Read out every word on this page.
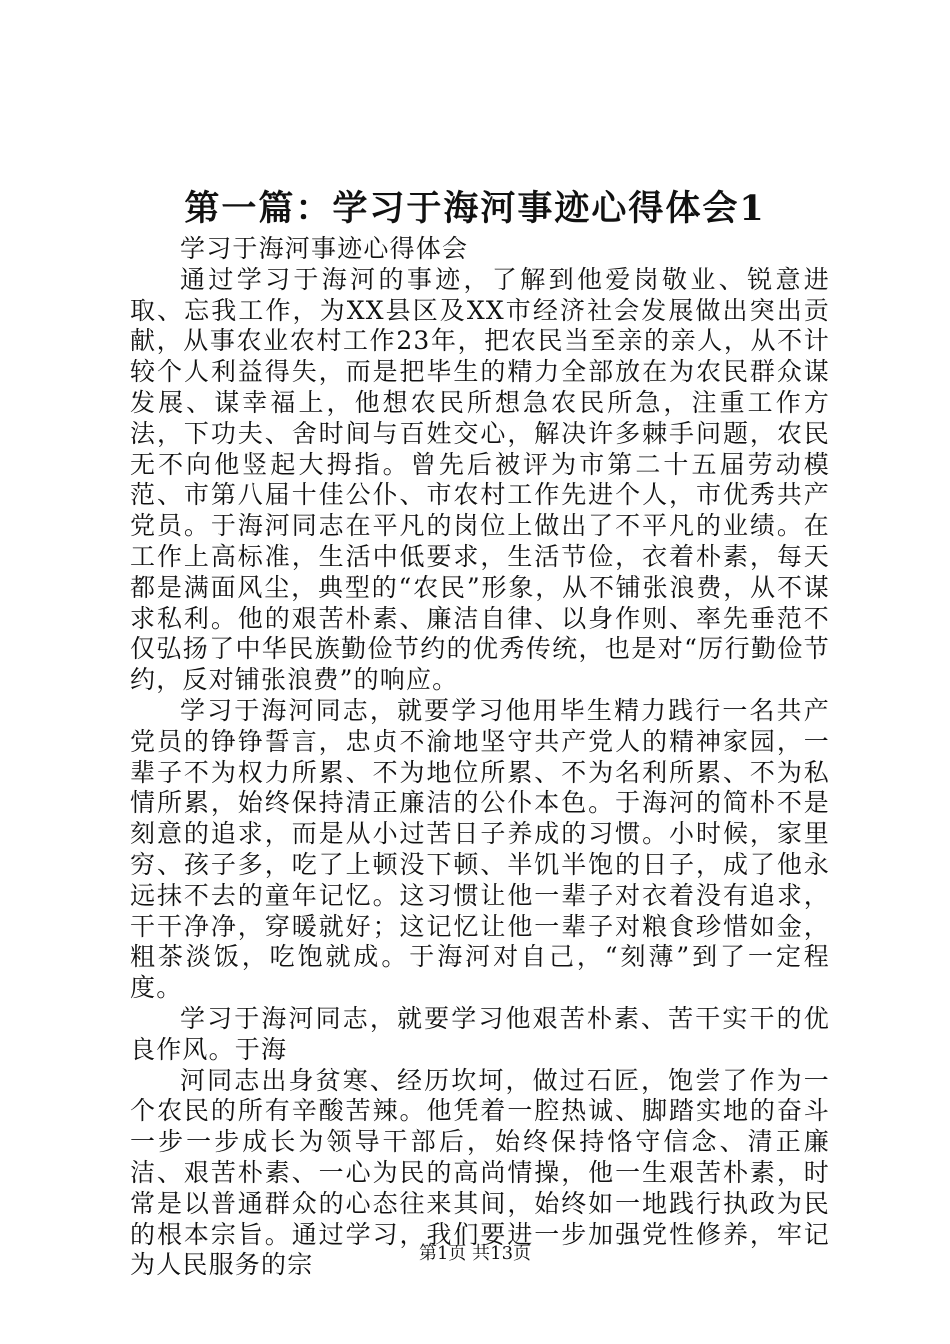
第一篇：学习于海河事迹心得体会1

学习于海河事迹心得体会

通过学习于海河的事迹，了解到他爱岗敬业、锐意进取、忘我工作，为XX县区及XX市经济社会发展做出突出贡献，从事农业农村工作23年，把农民当至亲的亲人，从不计较个人利益得失，而是把毕生的精力全部放在为农民群众谋发展、谋幸福上，他想农民所想急农民所急，注重工作方法，下功夫、舍时间与百姓交心，解决许多棘手问题，农民无不向他竖起大拇指。曾先后被评为市第二十五届劳动模范、市第八届十佳公仆、市农村工作先进个人，市优秀共产党员。于海河同志在平凡的岗位上做出了不平凡的业绩。在工作上高标准，生活中低要求，生活节俭，衣着朴素，每天都是满面风尘，典型的“农民”形象，从不铺张浪费，从不谋求私利。他的艰苦朴素、廉洁自律、以身作则、率先垂范不仅弘扬了中华民族勤俭节约的优秀传统，也是对“厉行勤俭节约，反对铺张浪费”的响应。

学习于海河同志，就要学习他用毕生精力践行一名共产党员的铮铮誓言，忠贞不渝地坚守共产党人的精神家园，一辈子不为权力所累、不为地位所累、不为名利所累、不为私情所累，始终保持清正廉洁的公仆本色。于海河的简朴不是刻意的追求，而是从小过苦日子养成的习惯。小时候，家里穷、孩子多，吃了上顿没下顿、半饥半饱的日子，成了他永远抹不去的童年记忆。这习惯让他一辈子对衣着没有追求，干干净净，穿暖就好；这记忆让他一辈子对粮食珍惜如金，粗茶淡饭，吃饱就成。于海河对自己，“刻薄”到了一定程度。

学习于海河同志，就要学习他艰苦朴素、苦干实干的优良作风。于海

河同志出身贫寒、经历坎坷，做过石匠，饱尝了作为一个农民的所有辛酸苦辣。他凭着一腔热诚、脚踏实地的奋斗一步一步成长为领导干部后，始终保持恪守信念、清正廉洁、艰苦朴素、一心为民的高尚情操，他一生艰苦朴素，时常是以普通群众的心态往来其间，始终如一地践行执政为民的根本宗旨。通过学习，我们要进一步加强党性修养，牢记为人民服务的宗	第1页 共13页
